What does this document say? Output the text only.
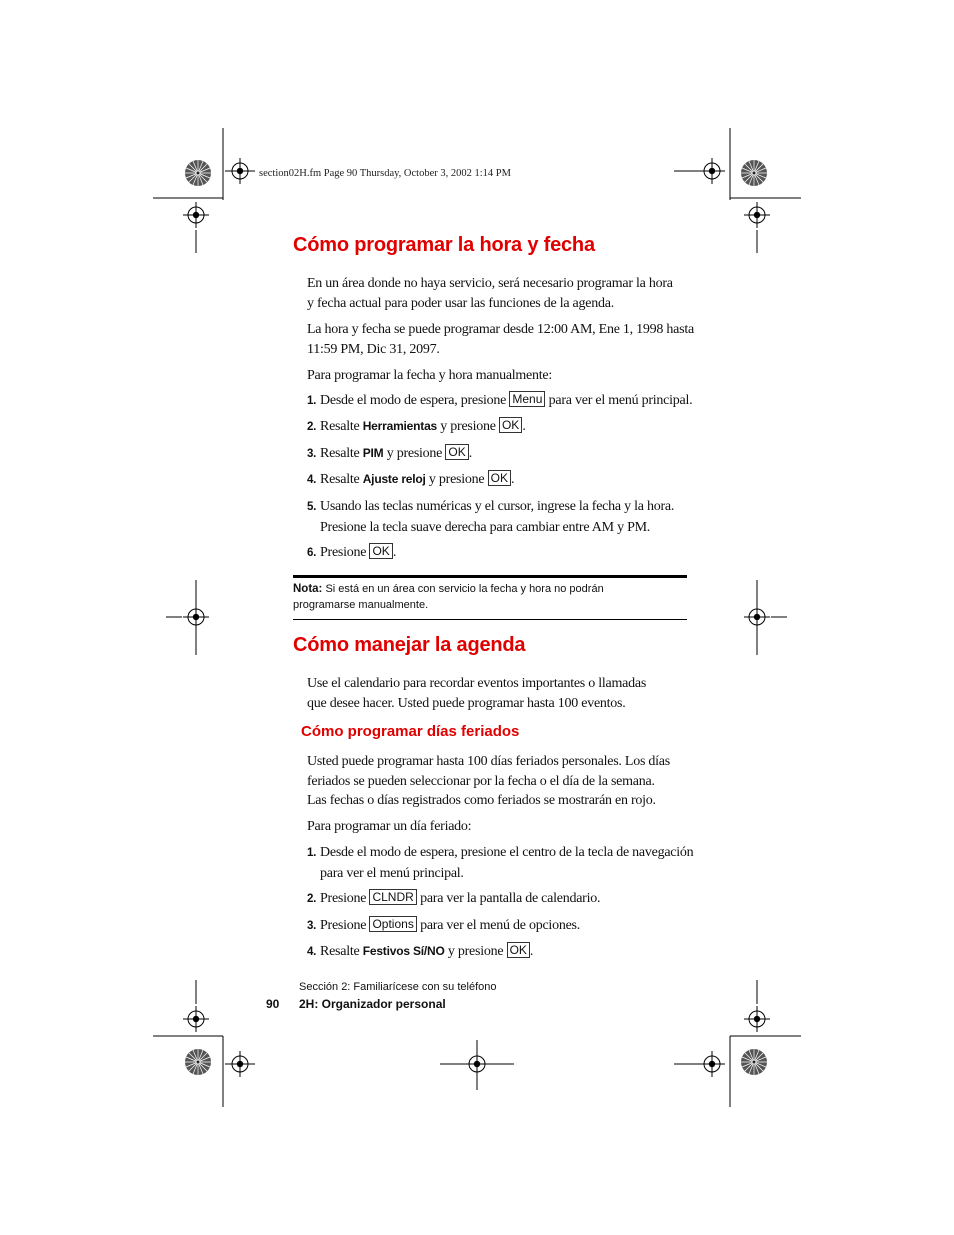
section02H.fm Page 90 Thursday, October 3, 2002 1:14 PM
Cómo programar la hora y fecha
En un área donde no haya servicio, será necesario programar la hora
y fecha actual para poder usar las funciones de la agenda.
La hora y fecha se puede programar desde 12:00 AM, Ene 1, 1998 hasta
11:59 PM, Dic 31, 2097.
Para programar la fecha y hora manualmente:
1. Desde el modo de espera, presione Menu para ver el menú principal.
2. Resalte Herramientas y presione OK .
3. Resalte PIM y presione OK .
4. Resalte Ajuste reloj y presione OK .
5. Usando las teclas numéricas y el cursor, ingrese la fecha y la hora.
Presione la tecla suave derecha para cambiar entre AM y PM.
6. Presione OK .
Nota: Si está en un área con servicio la fecha y hora no podrán
programarse manualmente.
Cómo manejar la agenda
Use el calendario para recordar eventos importantes o llamadas
que desee hacer. Usted puede programar hasta 100 eventos.
Cómo programar días feriados
Usted puede programar hasta 100 días feriados personales. Los días
feriados se pueden seleccionar por la fecha o el día de la semana.
Las fechas o días registrados como feriados se mostrarán en rojo.
Para programar un día feriado:
1. Desde el modo de espera, presione el centro de la tecla de navegación
para ver el menú principal.
2. Presione CLNDR para ver la pantalla de calendario.
3. Presione Options para ver el menú de opciones.
4. Resalte Festivos Sí/NO y presione OK .
Sección 2: Familiarícese con su teléfono
90 2H: Organizador personal
